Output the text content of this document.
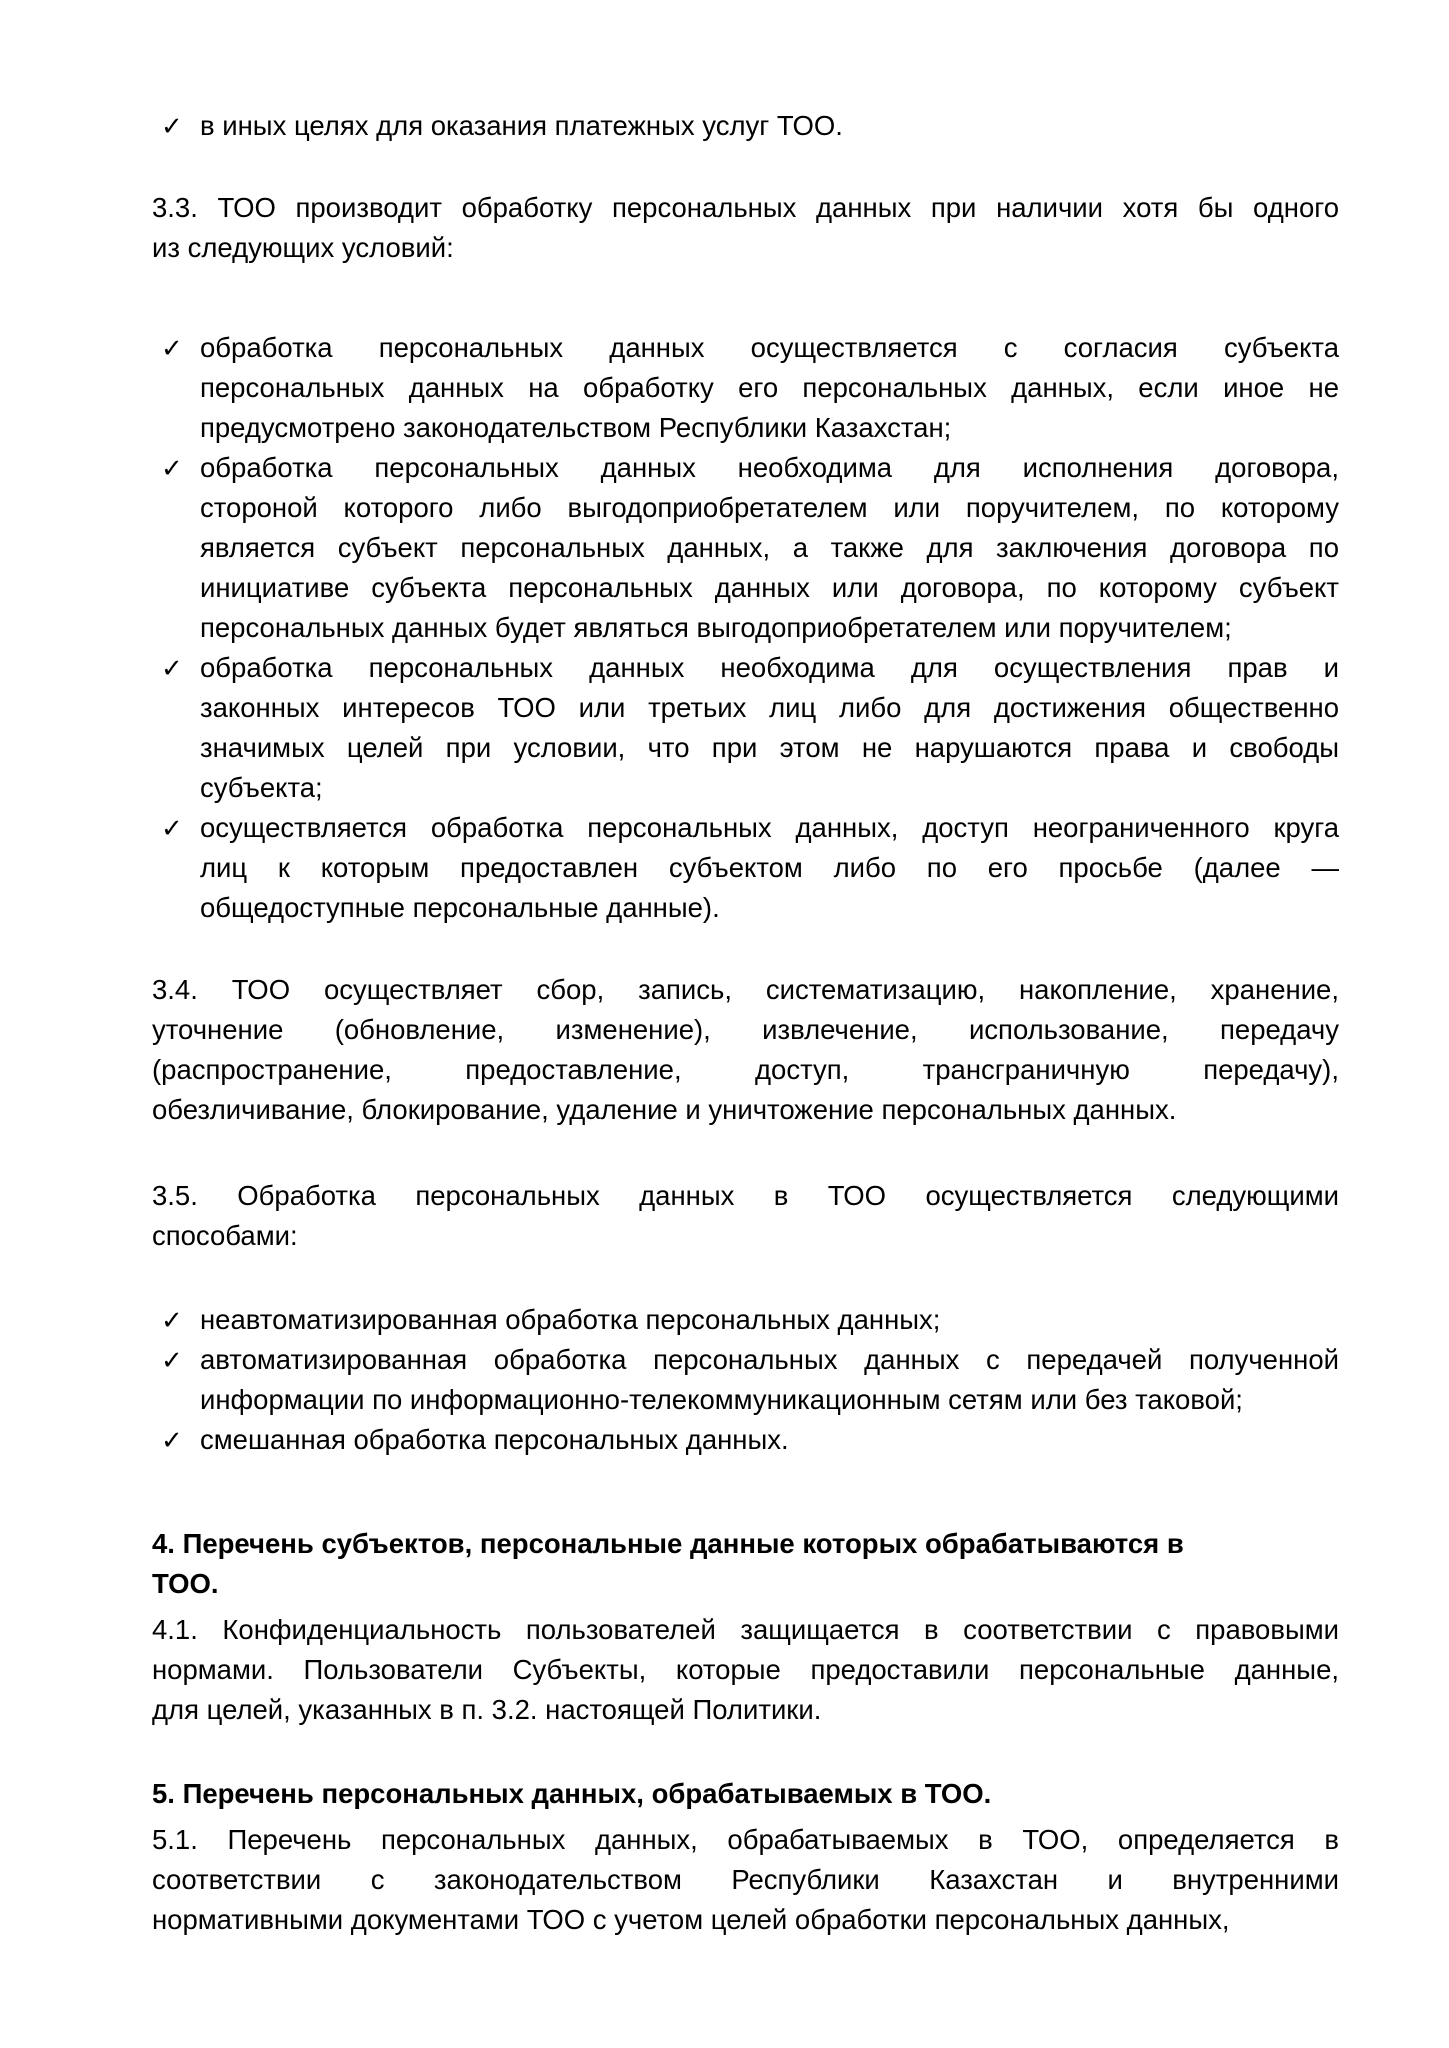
✓ в иных целях для оказания платежных услуг ТОО.
3.3. ТОО производит обработку персональных данных при наличии хотя бы одного
из следующих условий:
✓ обработка персональных данных осуществляется с согласия субъекта
персональных данных на обработку его персональных данных, если иное не
предусмотрено законодательством Республики Казахстан;
✓ обработка персональных данных необходима для исполнения договора,
стороной которого либо выгодоприобретателем или поручителем, по которому
является субъект персональных данных, а также для заключения договора по
инициативе субъекта персональных данных или договора, по которому субъект
персональных данных будет являться выгодоприобретателем или поручителем;
✓ обработка персональных данных необходима для осуществления прав и
законных интересов ТОО или третьих лиц либо для достижения общественно
значимых целей при условии, что при этом не нарушаются права и свободы
субъекта;
✓ осуществляется обработка персональных данных, доступ неограниченного круга
лиц к которым предоставлен субъектом либо по его просьбе (далее —
общедоступные персональные данные).
3.4. ТОО осуществляет сбор, запись, систематизацию, накопление, хранение,
уточнение (обновление, изменение), извлечение, использование, передачу
(распространение, предоставление, доступ, трансграничную передачу),
обезличивание, блокирование, удаление и уничтожение персональных данных.
3.5. Обработка персональных данных в ТОО осуществляется следующими
способами:
✓ неавтоматизированная обработка персональных данных;
✓ автоматизированная обработка персональных данных с передачей полученной
информации по информационно-телекоммуникационным сетям или без таковой;
✓ смешанная обработка персональных данных.
4. Перечень субъектов, персональные данные которых обрабатываются в
ТОО.
4.1. Конфиденциальность пользователей защищается в соответствии с правовыми
нормами. Пользователи Субъекты, которые предоставили персональные данные,
для целей, указанных в п. 3.2. настоящей Политики.
5. Перечень персональных данных, обрабатываемых в ТОО.
5.1. Перечень персональных данных, обрабатываемых в ТОО, определяется в
соответствии с законодательством Республики Казахстан и внутренними
нормативными документами ТОО с учетом целей обработки персональных данных,
